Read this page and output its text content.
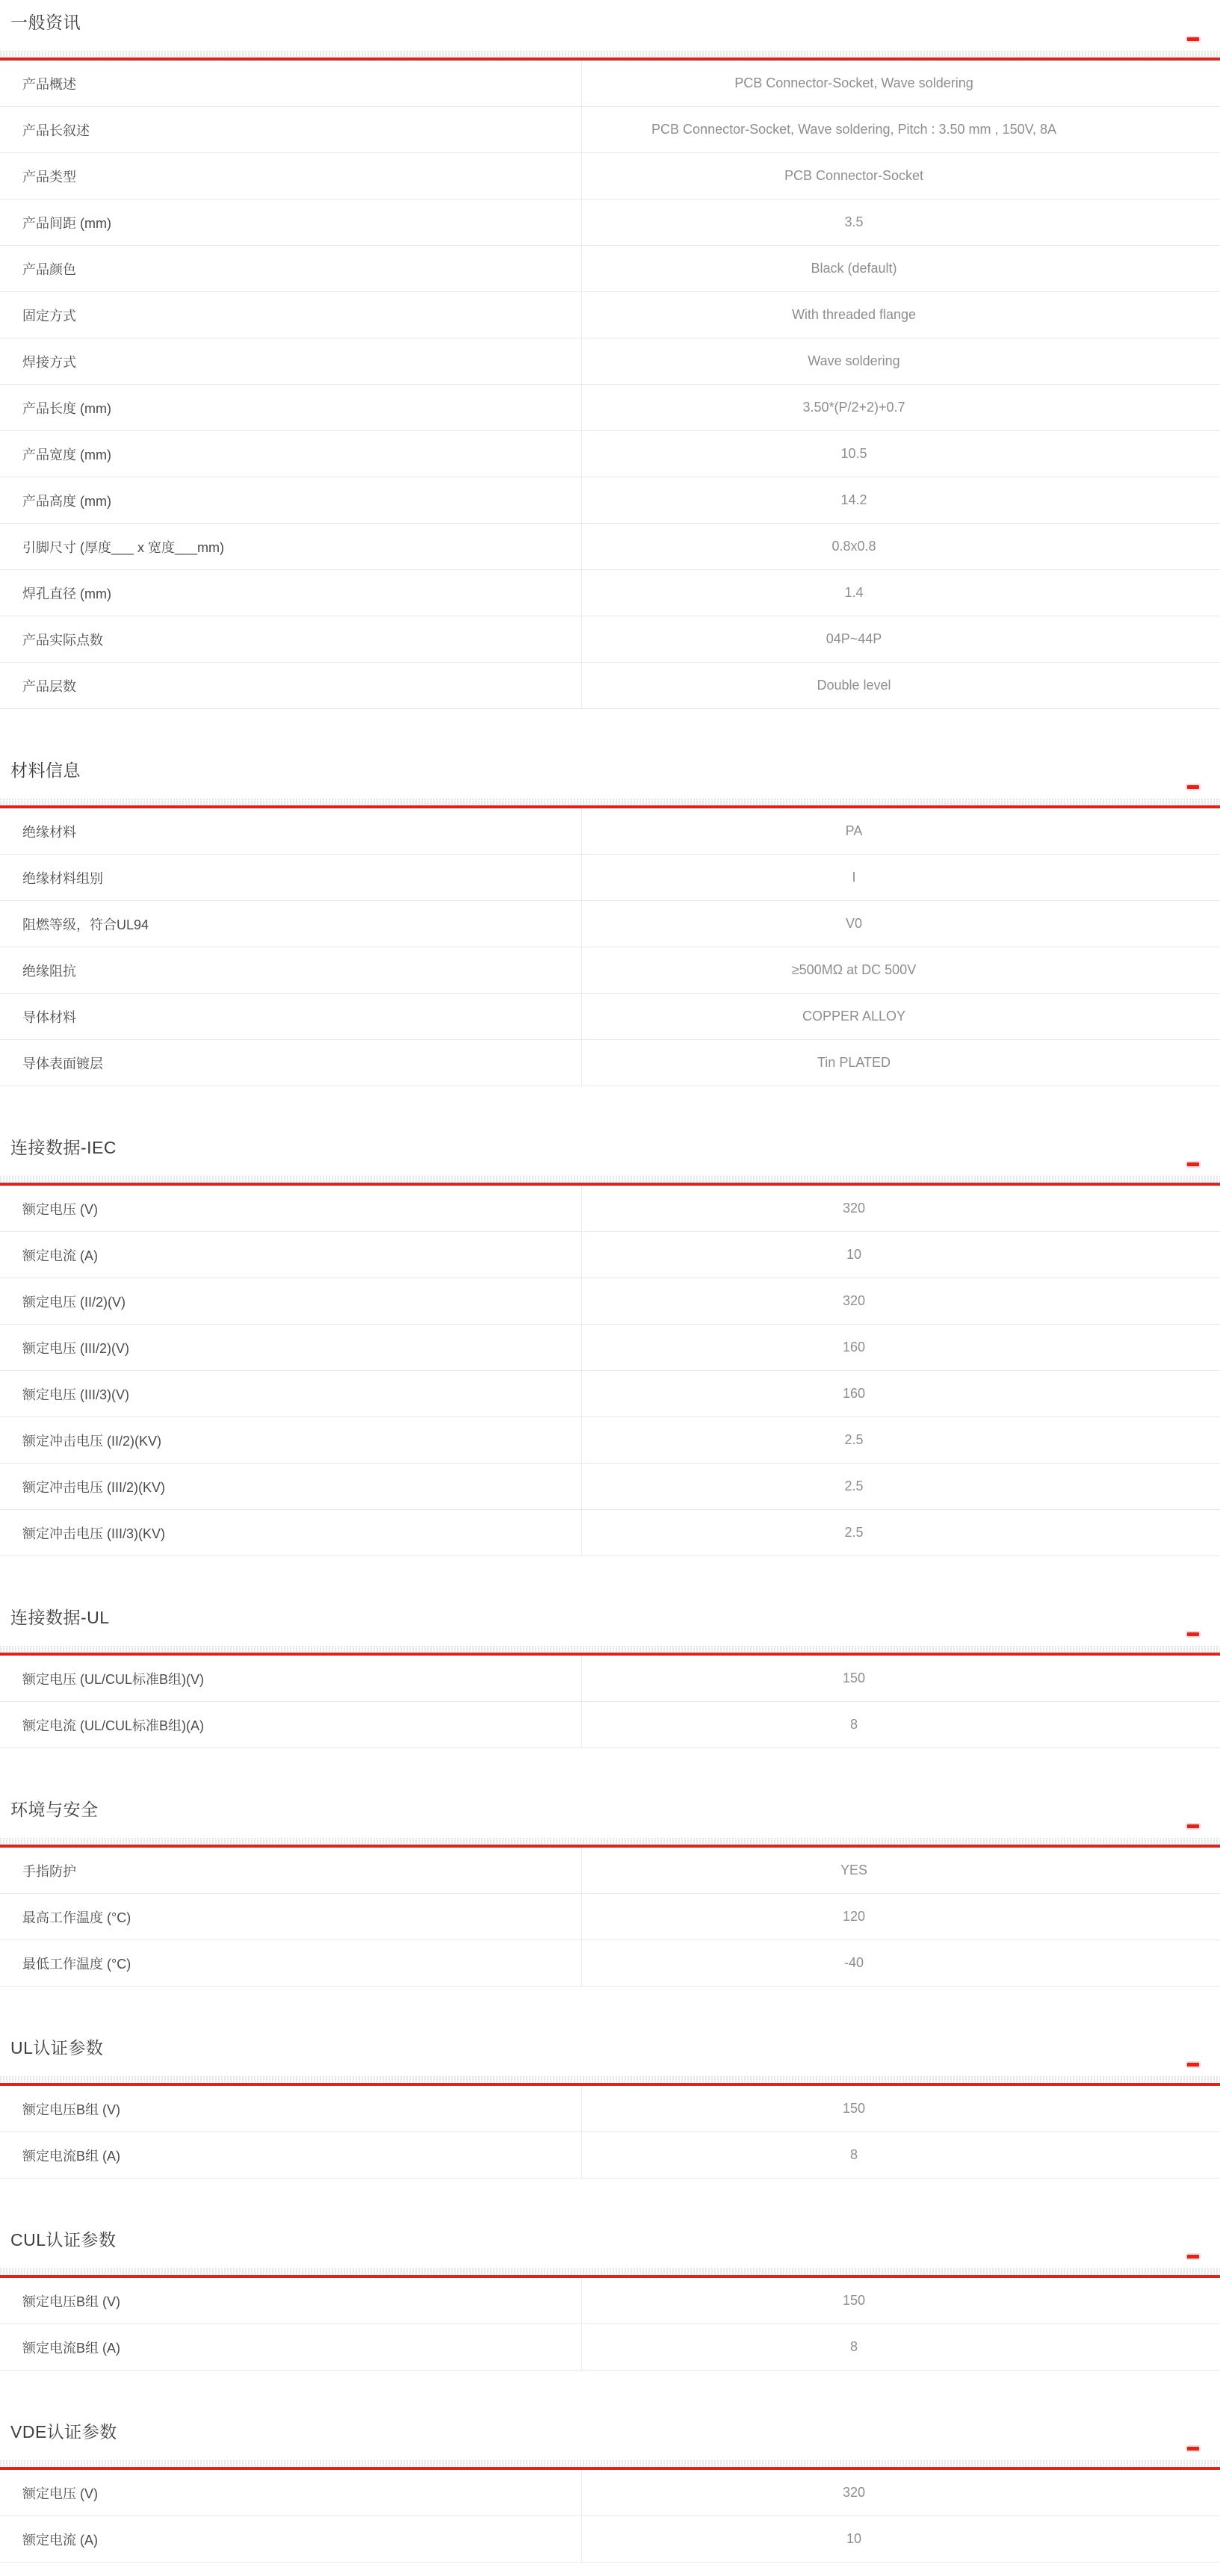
一般资讯
产品概述	PCB Connector-Socket, Wave soldering
产品长叙述	PCB Connector-Socket, Wave soldering, Pitch : 3.50 mm , 150V, 8A
产品类型	PCB Connector-Socket
产品间距 (mm)	3.5
产品颜色	Black (default)
固定方式	With threaded flange
焊接方式	Wave soldering
产品长度 (mm)	3.50*(P/2+2)+0.7
产品宽度 (mm)	10.5
产品高度 (mm)	14.2
引脚尺寸 (厚度___ x 宽度___mm)	0.8x0.8
焊孔直径 (mm)	1.4
产品实际点数	04P~44P
产品层数	Double level
材料信息
绝缘材料	PA
绝缘材料组别	I
阻燃等级，符合UL94	V0
绝缘阻抗	≥500MΩ at DC 500V
导体材料	COPPER ALLOY
导体表面镀层	Tin PLATED
连接数据-IEC
额定电压 (V)	320
额定电流 (A)	10
额定电压 (II/2)(V)	320
额定电压 (III/2)(V)	160
额定电压 (III/3)(V)	160
额定冲击电压 (II/2)(KV)	2.5
额定冲击电压 (III/2)(KV)	2.5
额定冲击电压 (III/3)(KV)	2.5
连接数据-UL
额定电压 (UL/CUL标准B组)(V)	150
额定电流 (UL/CUL标准B组)(A)	8
环境与安全
手指防护	YES
最高工作温度 (°C)	120
最低工作温度 (°C)	-40
UL认证参数
额定电压B组 (V)	150
额定电流B组 (A)	8
CUL认证参数
额定电压B组 (V)	150
额定电流B组 (A)	8
VDE认证参数
额定电压 (V)	320
额定电流 (A)	10
